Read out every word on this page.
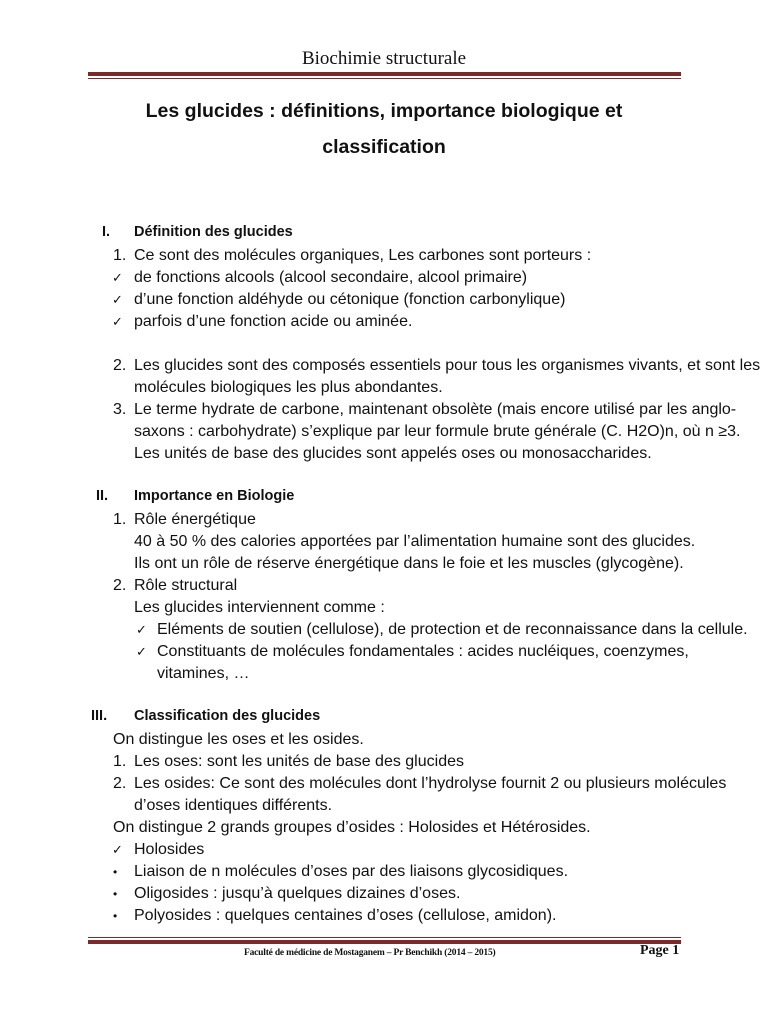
Biochimie structurale
Les glucides : définitions, importance biologique et
classification
I. Définition des glucides
1. Ce sont des molécules organiques, Les carbones sont porteurs :
✓ de fonctions alcools (alcool secondaire, alcool primaire)
✓ d’une fonction aldéhyde ou cétonique (fonction carbonylique)
✓ parfois d’une fonction acide ou aminée.
2. Les glucides sont des composés essentiels pour tous les organismes vivants, et sont les
molécules biologiques les plus abondantes.
3. Le terme hydrate de carbone, maintenant obsolète (mais encore utilisé par les anglo-
saxons : carbohydrate) s’explique par leur formule brute générale (C. H2O)n, où n ≥3.
Les unités de base des glucides sont appelés oses ou monosaccharides.
II. Importance en Biologie
1. Rôle énergétique
40 à 50 % des calories apportées par l’alimentation humaine sont des glucides.
Ils ont un rôle de réserve énergétique dans le foie et les muscles (glycogène).
2. Rôle structural
Les glucides interviennent comme :
✓ Eléments de soutien (cellulose), de protection et de reconnaissance dans la cellule.
✓ Constituants de molécules fondamentales : acides nucléiques, coenzymes,
vitamines, …
III. Classification des glucides
On distingue les oses et les osides.
1. Les oses: sont les unités de base des glucides
2. Les osides: Ce sont des molécules dont l’hydrolyse fournit 2 ou plusieurs molécules
d’oses identiques différents.
On distingue 2 grands groupes d’osides : Holosides et Hétérosides.
✓ Holosides
• Liaison de n molécules d’oses par des liaisons glycosidiques.
• Oligosides : jusqu’à quelques dizaines d’oses.
• Polyosides : quelques centaines d’oses (cellulose, amidon).
Faculté de médicine de Mostaganem – Pr Benchikh (2014 – 2015)	Page 1
